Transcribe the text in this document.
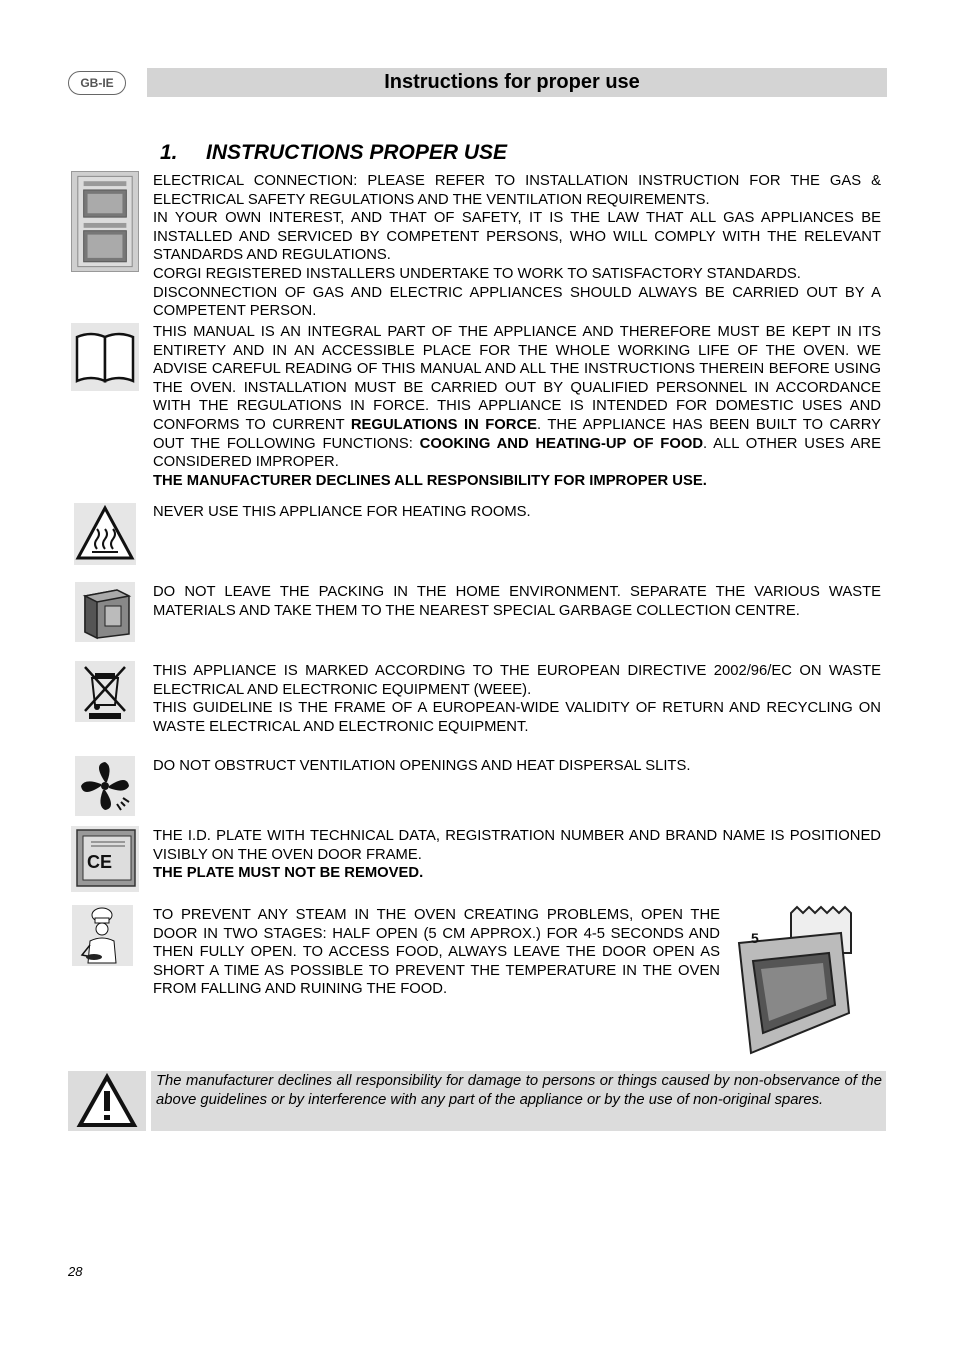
GB-IE	Instructions for proper use
1. INSTRUCTIONS PROPER USE

ELECTRICAL CONNECTION: PLEASE REFER TO INSTALLATION INSTRUCTION FOR THE GAS & ELECTRICAL SAFETY REGULATIONS AND THE VENTILATION REQUIREMENTS.

IN YOUR OWN INTEREST, AND THAT OF SAFETY, IT IS THE LAW THAT ALL GAS APPLIANCES BE INSTALLED AND SERVICED BY COMPETENT PERSONS, WHO WILL COMPLY WITH THE RELEVANT STANDARDS AND REGULATIONS.

CORGI REGISTERED INSTALLERS UNDERTAKE TO WORK TO SATISFACTORY STANDARDS.

DISCONNECTION OF GAS AND ELECTRIC APPLIANCES SHOULD ALWAYS BE CARRIED OUT BY A COMPETENT PERSON.

THIS MANUAL IS AN INTEGRAL PART OF THE APPLIANCE AND THEREFORE MUST BE KEPT IN ITS ENTIRETY AND IN AN ACCESSIBLE PLACE FOR THE WHOLE WORKING LIFE OF THE OVEN. WE ADVISE CAREFUL READING OF THIS MANUAL AND ALL THE INSTRUCTIONS THEREIN BEFORE USING THE OVEN. INSTALLATION MUST BE CARRIED OUT BY QUALIFIED PERSONNEL IN ACCORDANCE WITH THE REGULATIONS IN FORCE. THIS APPLIANCE IS INTENDED FOR DOMESTIC USES AND CONFORMS TO CURRENT REGULATIONS IN FORCE. THE APPLIANCE HAS BEEN BUILT TO CARRY OUT THE FOLLOWING FUNCTIONS: COOKING AND HEATING-UP OF FOOD. ALL OTHER USES ARE CONSIDERED IMPROPER.

THE MANUFACTURER DECLINES ALL RESPONSIBILITY FOR IMPROPER USE.

NEVER USE THIS APPLIANCE FOR HEATING ROOMS.
DO NOT LEAVE THE PACKING IN THE HOME ENVIRONMENT. SEPARATE THE VARIOUS WASTE MATERIALS AND TAKE THEM TO THE NEAREST SPECIAL GARBAGE COLLECTION CENTRE.

THIS APPLIANCE IS MARKED ACCORDING TO THE EUROPEAN DIRECTIVE 2002/96/EC ON WASTE ELECTRICAL AND ELECTRONIC EQUIPMENT (WEEE).

THIS GUIDELINE IS THE FRAME OF A EUROPEAN-WIDE VALIDITY OF RETURN AND RECYCLING ON WASTE ELECTRICAL AND ELECTRONIC EQUIPMENT.

DO NOT OBSTRUCT VENTILATION OPENINGS AND HEAT DISPERSAL SLITS.
CE

THE I.D. PLATE WITH TECHNICAL DATA, REGISTRATION NUMBER AND BRAND NAME IS POSITIONED VISIBLY ON THE OVEN DOOR FRAME.

THE PLATE MUST NOT BE REMOVED.

TO PREVENT ANY STEAM IN THE OVEN CREATING PROBLEMS, OPEN THE DOOR IN TWO STAGES: HALF OPEN (5 CM APPROX.) FOR 4-5 SECONDS AND THEN FULLY OPEN. TO ACCESS FOOD, ALWAYS LEAVE THE DOOR OPEN AS SHORT A TIME AS POSSIBLE TO PREVENT THE TEMPERATURE IN THE OVEN FROM FALLING AND RUINING THE FOOD.
5
The manufacturer declines all responsibility for damage to persons or things caused by non-observance of the above guidelines or by interference with any part of the appliance or by the use of non-original spares.
28
